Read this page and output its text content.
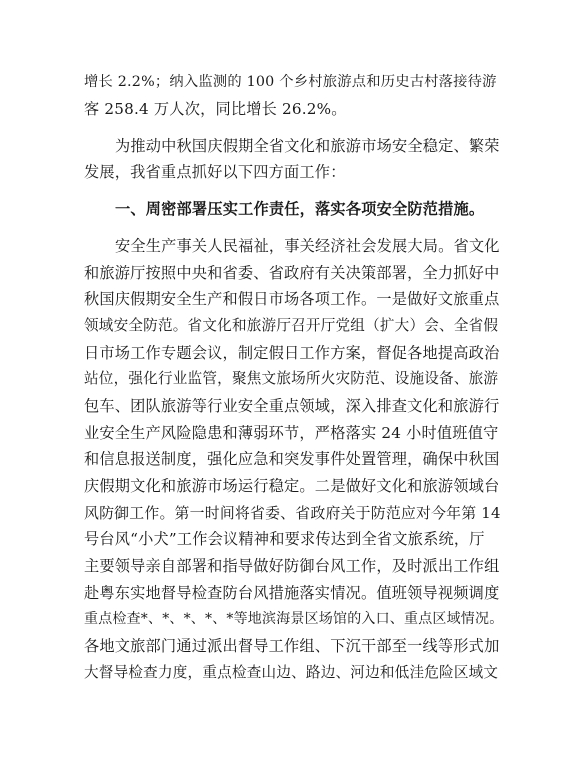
增长 2.2%；纳入监测的 100 个乡村旅游点和历史古村落接待游
客 258.4 万人次，同比增长 26.2%。
为推动中秋国庆假期全省文化和旅游市场安全稳定、繁荣
发展，我省重点抓好以下四方面工作：
一、周密部署压实工作责任，落实各项安全防范措施。
安全生产事关人民福祉，事关经济社会发展大局。省文化
和旅游厅按照中央和省委、省政府有关决策部署，全力抓好中
秋国庆假期安全生产和假日市场各项工作。一是做好文旅重点
领域安全防范。省文化和旅游厅召开厅党组（扩大）会、全省假
日市场工作专题会议，制定假日工作方案，督促各地提高政治
站位，强化行业监管，聚焦文旅场所火灾防范、设施设备、旅游
包车、团队旅游等行业安全重点领域，深入排查文化和旅游行
业安全生产风险隐患和薄弱环节，严格落实 24 小时值班值守
和信息报送制度，强化应急和突发事件处置管理，确保中秋国
庆假期文化和旅游市场运行稳定。二是做好文化和旅游领域台
风防御工作。第一时间将省委、省政府关于防范应对今年第 14
号台风“小犬”工作会议精神和要求传达到全省文旅系统，厅
主要领导亲自部署和指导做好防御台风工作，及时派出工作组
赴粤东实地督导检查防台风措施落实情况。值班领导视频调度
重点检查*、*、*、*、*等地滨海景区场馆的入口、重点区域情况。
各地文旅部门通过派出督导工作组、下沉干部至一线等形式加
大督导检查力度，重点检查山边、路边、河边和低洼危险区域文
